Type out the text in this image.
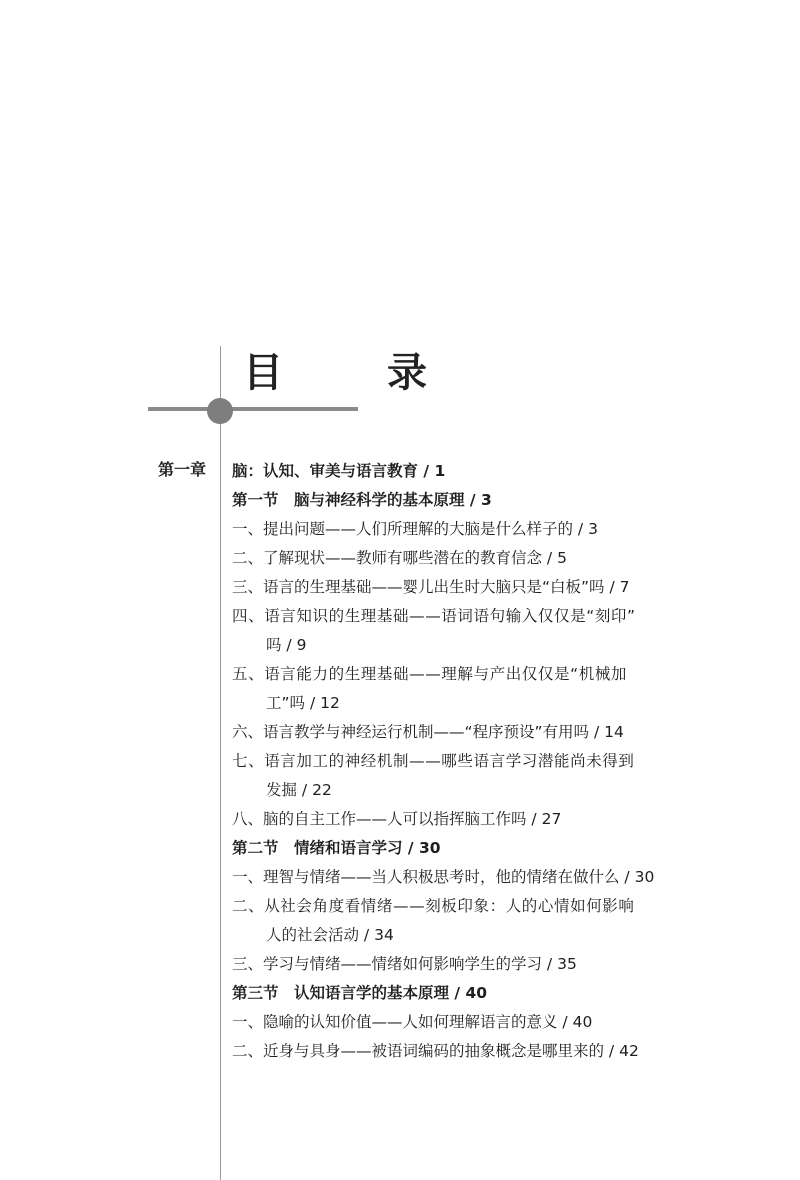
目　录
第一章 脑：认知、审美与语言教育 / 1
第一节　脑与神经科学的基本原理 / 3
一、提出问题——人们所理解的大脑是什么样子的 / 3
二、了解现状——教师有哪些潜在的教育信念 / 5
三、语言的生理基础——婴儿出生时大脑只是“白板”吗 / 7
四、语言知识的生理基础——语词语句输入仅仅是“刻印”
吗 / 9
五、语言能力的生理基础——理解与产出仅仅是“机械加
工”吗 / 12
六、语言教学与神经运行机制——“程序预设”有用吗 / 14
七、语言加工的神经机制——哪些语言学习潜能尚未得到
发掘 / 22
八、脑的自主工作——人可以指挥脑工作吗 / 27
第二节　情绪和语言学习 / 30
一、理智与情绪——当人积极思考时，他的情绪在做什么 / 30
二、从社会角度看情绪——刻板印象：人的心情如何影响
人的社会活动 / 34
三、学习与情绪——情绪如何影响学生的学习 / 35
第三节　认知语言学的基本原理 / 40
一、隐喻的认知价值——人如何理解语言的意义 / 40
二、近身与具身——被语词编码的抽象概念是哪里来的 / 42
